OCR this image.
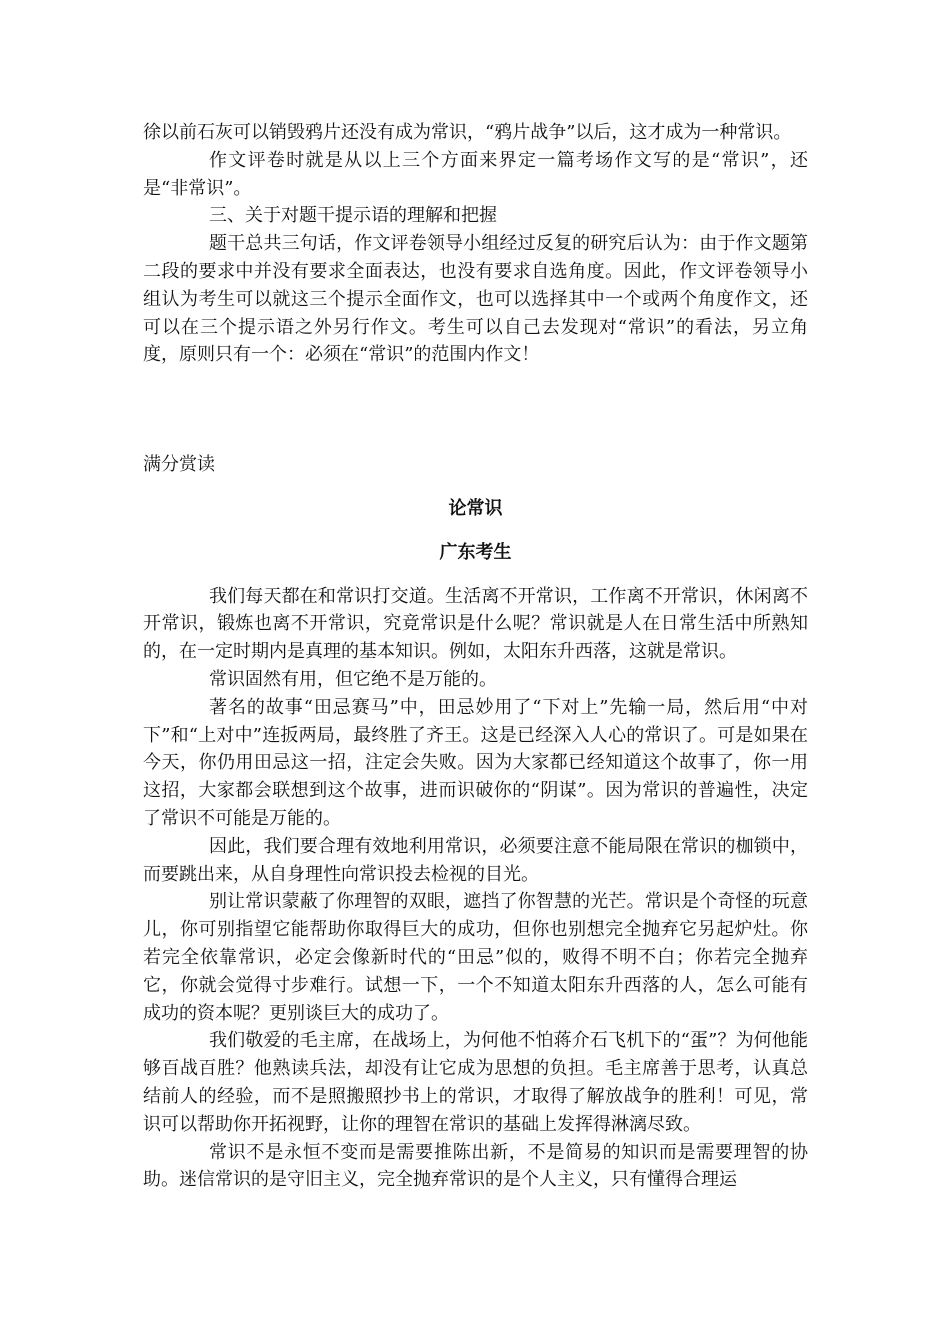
徐以前石灰可以销毁鸦片还没有成为常识，“鸦片战争”以后，这才成为一种常识。

作文评卷时就是从以上三个方面来界定一篇考场作文写的是“常识”，还是“非常识”。

三、关于对题干提示语的理解和把握

题干总共三句话，作文评卷领导小组经过反复的研究后认为：由于作文题第二段的要求中并没有要求全面表达，也没有要求自选角度。因此，作文评卷领导小组认为考生可以就这三个提示全面作文，也可以选择其中一个或两个角度作文，还可以在三个提示语之外另行作文。考生可以自己去发现对“常识”的看法，另立角度，原则只有一个：必须在“常识”的范围内作文！

满分赏读

论常识

广东考生

我们每天都在和常识打交道。生活离不开常识，工作离不开常识，休闲离不开常识，锻炼也离不开常识，究竟常识是什么呢？常识就是人在日常生活中所熟知的，在一定时期内是真理的基本知识。例如，太阳东升西落，这就是常识。

常识固然有用，但它绝不是万能的。

著名的故事“田忌赛马”中，田忌妙用了“下对上”先输一局，然后用“中对下”和“上对中”连扳两局，最终胜了齐王。这是已经深入人心的常识了。可是如果在今天，你仍用田忌这一招，注定会失败。因为大家都已经知道这个故事了，你一用这招，大家都会联想到这个故事，进而识破你的“阴谋”。因为常识的普遍性，决定了常识不可能是万能的。

因此，我们要合理有效地利用常识，必须要注意不能局限在常识的枷锁中，而要跳出来，从自身理性向常识投去检视的目光。

别让常识蒙蔽了你理智的双眼，遮挡了你智慧的光芒。常识是个奇怪的玩意儿，你可别指望它能帮助你取得巨大的成功，但你也别想完全抛弃它另起炉灶。你若完全依靠常识，必定会像新时代的“田忌”似的，败得不明不白；你若完全抛弃它，你就会觉得寸步难行。试想一下，一个不知道太阳东升西落的人，怎么可能有成功的资本呢？更别谈巨大的成功了。

我们敬爱的毛主席，在战场上，为何他不怕蒋介石飞机下的“蛋”？为何他能够百战百胜？他熟读兵法，却没有让它成为思想的负担。毛主席善于思考，认真总结前人的经验，而不是照搬照抄书上的常识，才取得了解放战争的胜利！可见，常识可以帮助你开拓视野，让你的理智在常识的基础上发挥得淋漓尽致。

常识不是永恒不变而是需要推陈出新，不是简易的知识而是需要理智的协助。迷信常识的是守旧主义，完全抛弃常识的是个人主义，只有懂得合理运
